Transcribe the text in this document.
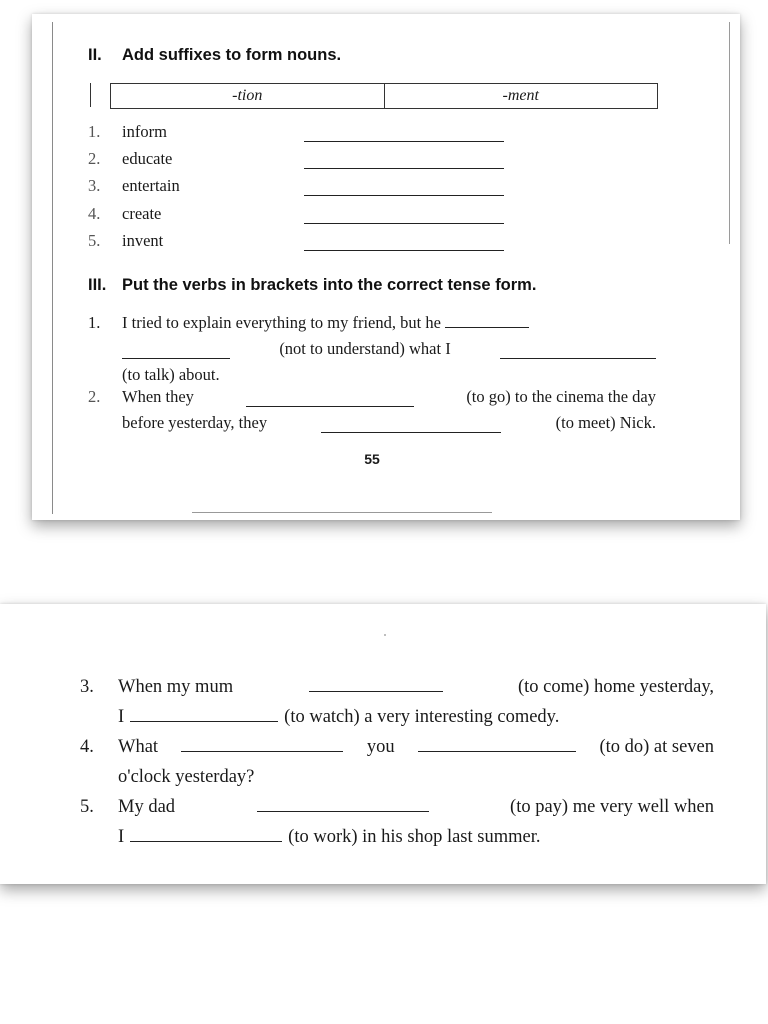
II. Add suffixes to form nouns.
-tion	-ment
1.	inform
2.	educate
3.	entertain
4.	create
5.	invent
III. Put the verbs in brackets into the correct tense form.
1. I tried to explain everything to my friend, but he
(not to understand) what I
(to talk) about.
2. When they	(to go) to the cinema the day
before yesterday, they	(to meet) Nick.
55
3. When my mum	(to come) home yesterday,
I	(to watch) a very interesting comedy.
4. What	you	(to do) at seven
o'clock yesterday?
5. My dad	(to pay) me very well when
I	(to work) in his shop last summer.
